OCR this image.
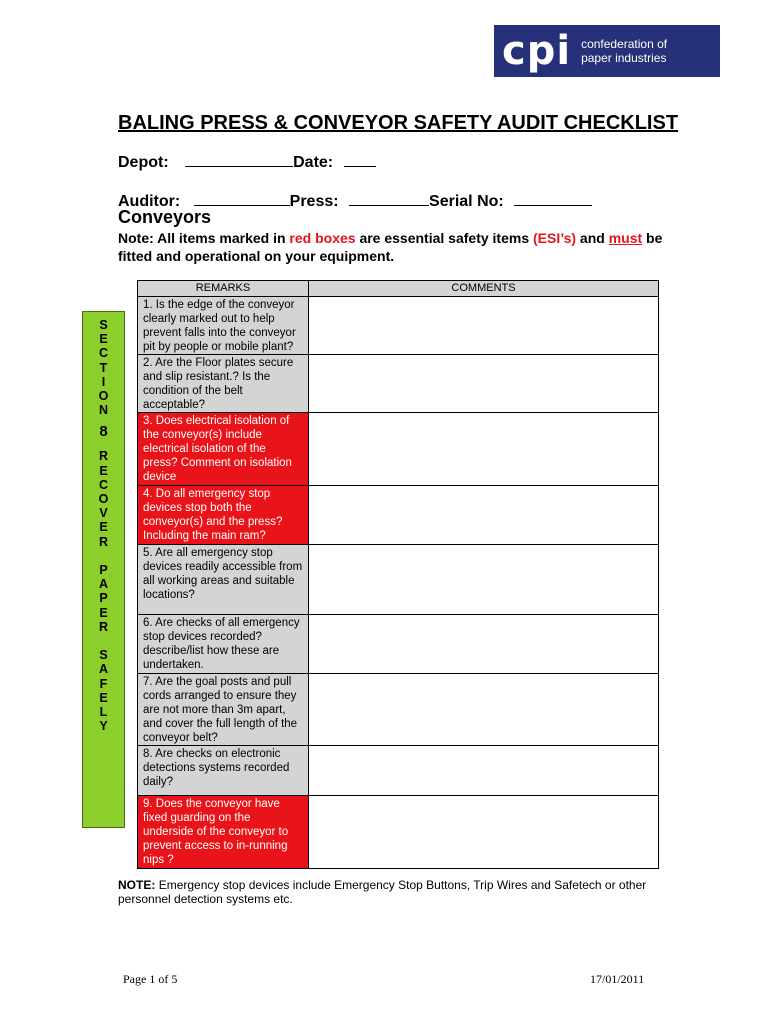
cpi confederation of
paper industries
BALING PRESS & CONVEYOR SAFETY AUDIT CHECKLIST
Depot:	Date:
Auditor:	Press:	Serial No:
Conveyors
Note: All items marked in red boxes are essential safety items (ESI’s) and must be fitted and operational on your equipment.
S
E
C
T
I
O
N
8
R
E
C
O
V
E
R
P
A
P
E
R
S
A
F
E
L
Y
REMARKS	COMMENTS
1. Is the edge of the conveyor clearly marked out to help prevent falls into the conveyor pit by people or mobile plant?	
2. Are the Floor plates secure and slip resistant.? Is the condition of the belt acceptable?	
3. Does electrical isolation of the conveyor(s) include electrical isolation of the press? Comment on isolation device	
4. Do all emergency stop devices stop both the conveyor(s) and the press? Including the main ram?	
5. Are all emergency stop devices readily accessible from all working areas and suitable locations?	
6. Are checks of all emergency stop devices recorded? describe/list how these are undertaken.	
7. Are the goal posts and pull cords arranged to ensure they are not more than 3m apart, and cover the full length of the conveyor belt?	
8. Are checks on electronic detections systems recorded daily?	
9. Does the conveyor have fixed guarding on the underside of the conveyor to prevent access to in-running nips ?	
NOTE: Emergency stop devices include Emergency Stop Buttons, Trip Wires and Safetech or other personnel detection systems etc.
Page 1 of 5	17/01/2011
